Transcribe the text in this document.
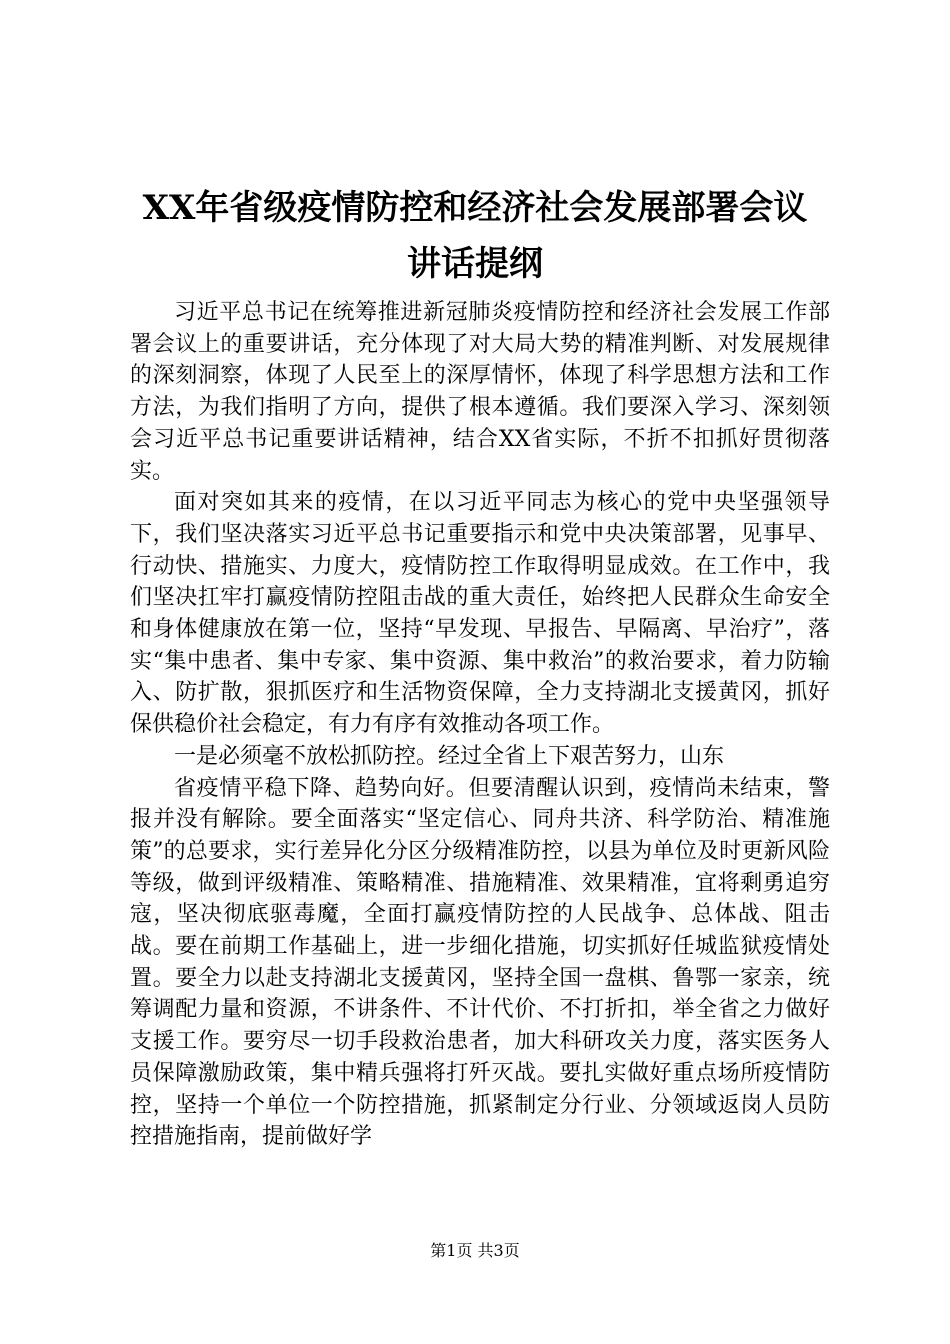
XX年省级疫情防控和经济社会发展部署会议
讲话提纲

习近平总书记在统筹推进新冠肺炎疫情防控和经济社会发展工作部署会议上的重要讲话，充分体现了对大局大势的精准判断、对发展规律的深刻洞察，体现了人民至上的深厚情怀，体现了科学思想方法和工作方法，为我们指明了方向，提供了根本遵循。我们要深入学习、深刻领会习近平总书记重要讲话精神，结合XX省实际，不折不扣抓好贯彻落实。

面对突如其来的疫情，在以习近平同志为核心的党中央坚强领导下，我们坚决落实习近平总书记重要指示和党中央决策部署，见事早、行动快、措施实、力度大，疫情防控工作取得明显成效。在工作中，我们坚决扛牢打赢疫情防控阻击战的重大责任，始终把人民群众生命安全和身体健康放在第一位，坚持“早发现、早报告、早隔离、早治疗”，落实“集中患者、集中专家、集中资源、集中救治”的救治要求，着力防输入、防扩散，狠抓医疗和生活物资保障，全力支持湖北支援黄冈，抓好保供稳价社会稳定，有力有序有效推动各项工作。

一是必须毫不放松抓防控。经过全省上下艰苦努力，山东

省疫情平稳下降、趋势向好。但要清醒认识到，疫情尚未结束，警报并没有解除。要全面落实“坚定信心、同舟共济、科学防治、精准施策”的总要求，实行差异化分区分级精准防控，以县为单位及时更新风险等级，做到评级精准、策略精准、措施精准、效果精准，宜将剩勇追穷寇，坚决彻底驱毒魔，全面打赢疫情防控的人民战争、总体战、阻击战。要在前期工作基础上，进一步细化措施，切实抓好任城监狱疫情处置。要全力以赴支持湖北支援黄冈，坚持全国一盘棋、鲁鄂一家亲，统筹调配力量和资源，不讲条件、不计代价、不打折扣，举全省之力做好支援工作。要穷尽一切手段救治患者，加大科研攻关力度，落实医务人员保障激励政策，集中精兵强将打歼灭战。要扎实做好重点场所疫情防控，坚持一个单位一个防控措施，抓紧制定分行业、分领域返岗人员防控措施指南，提前做好学

第1页 共3页
